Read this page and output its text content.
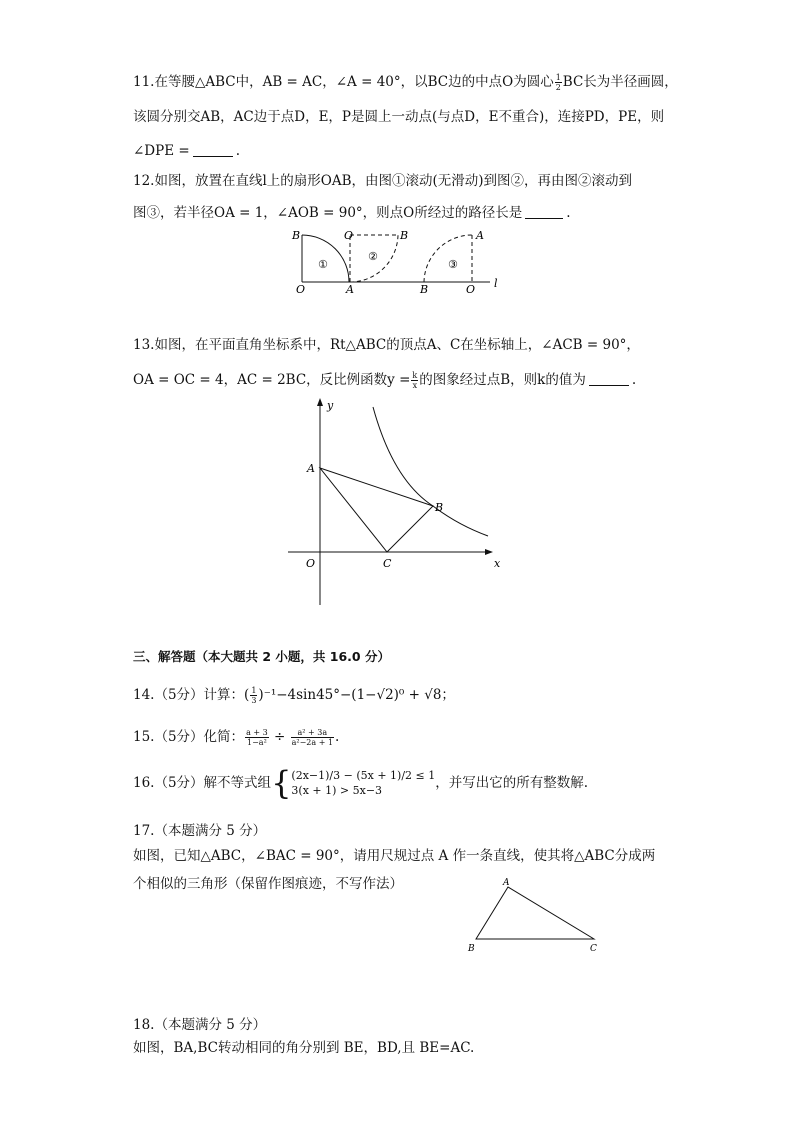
11.在等腰△ABC中，AB = AC，∠A = 40°，以BC边的中点O为圆心 $\frac{1}{2}$ BC长为半径画圆，
该圆分别交AB，AC边于点D，E，P是圆上一动点(与点D，E不重合)，连接PD，PE，则
∠DPE =	.
12.如图，放置在直线l上的扇形OAB，由图①滚动(无滑动)到图②，再由图②滚动到
图③，若半径OA = 1，∠AOB = 90°，则点O所经过的路径长是	.
B
O
B
A	O
A
B
O
l
①
②
③
13.如图，在平面直角坐标系中，Rt△ABC的顶点A、C在坐标轴上，∠ACB = 90°，
OA = OC = 4，AC = 2BC，反比例函数$y = \frac{k}{x}$ 的图象经过点B，则k的值为	.
y
x
A
B
C
O
三、解答题（本大题共 2 小题，共 16.0 分）
14.（5分）计算：( $\frac{1}{3} )^{-1}-4\sin 45^\circ-(1-√2)^0 + √8$；
15.（5分）化简： $\frac{a + 3}{\text{1−a²}} \div \frac{\text{a² + 3a}}{\text{a²−2a + 1}}$ .
16.（5分）解不等式组{ (2x−1)/3 − (5x + 1)/2 ≤ 1
3(x + 1) > 5x−3	，并写出它的所有整数解.
17.（本题满分 5 分）
如图，已知△ABC，∠BAC = 90°，请用尺规过点 A 作一条直线，使其将△ABC分成两
个相似的三角形（保留作图痕迹，不写作法）	A
B	C
18.（本题满分 5 分）
如图，BA,BC转动相同的角分别到 BE，BD,且 BE=AC.
